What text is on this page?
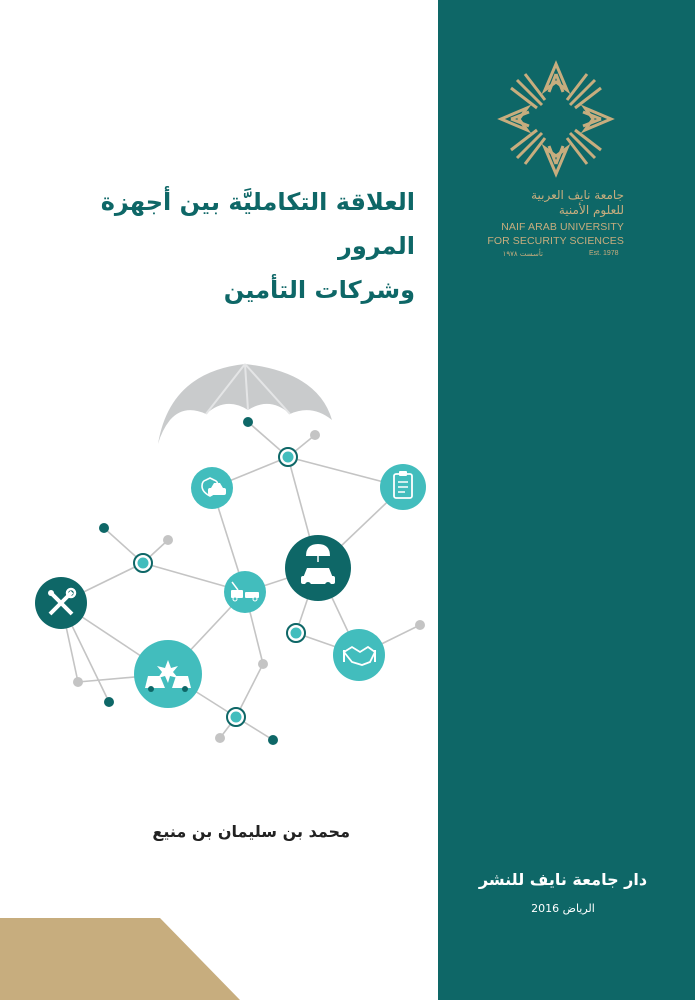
جامعة نايف العربية
للعلوم الأمنية
NAIF ARAB UNIVERSITY
FOR SECURITY SCIENCES
Est. 1978
تأسست ١٩٧٨
العلاقة التكامليَّة بين أجهزة المرور
وشركات التأمين
محمد بن سليمان بن منيع
دار جامعة نايف للنشر
الرياض 2016
